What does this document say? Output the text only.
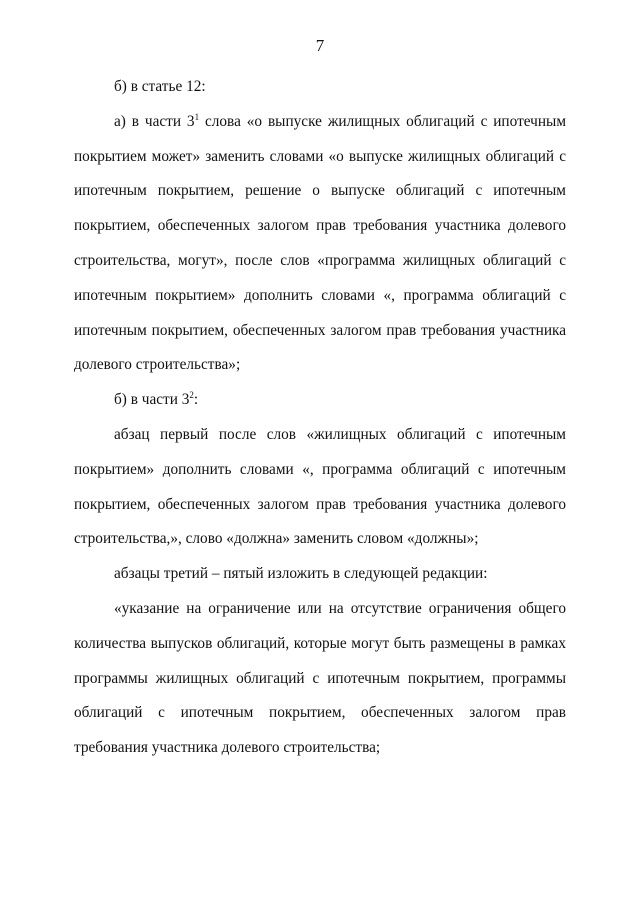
7

б) в статье 12:

а) в части $3^1$ слова «о выпуске жилищных облигаций с ипотечным покрытием может» заменить словами «о выпуске жилищных облигаций с ипотечным покрытием, решение о выпуске облигаций с ипотечным покрытием, обеспеченных залогом прав требования участника долевого строительства, могут», после слов «программа жилищных облигаций с ипотечным покрытием» дополнить словами «, программа облигаций с ипотечным покрытием, обеспеченных залогом прав требования участника долевого строительства»;

б) в части $3^2$:

абзац первый после слов «жилищных облигаций с ипотечным покрытием» дополнить словами «, программа облигаций с ипотечным покрытием, обеспеченных залогом прав требования участника долевого строительства,», слово «должна» заменить словом «должны»;

абзацы третий – пятый изложить в следующей редакции:

«указание на ограничение или на отсутствие ограничения общего количества выпусков облигаций, которые могут быть размещены в рамках программы жилищных облигаций с ипотечным покрытием, программы облигаций с ипотечным покрытием, обеспеченных залогом прав требования участника долевого строительства;
